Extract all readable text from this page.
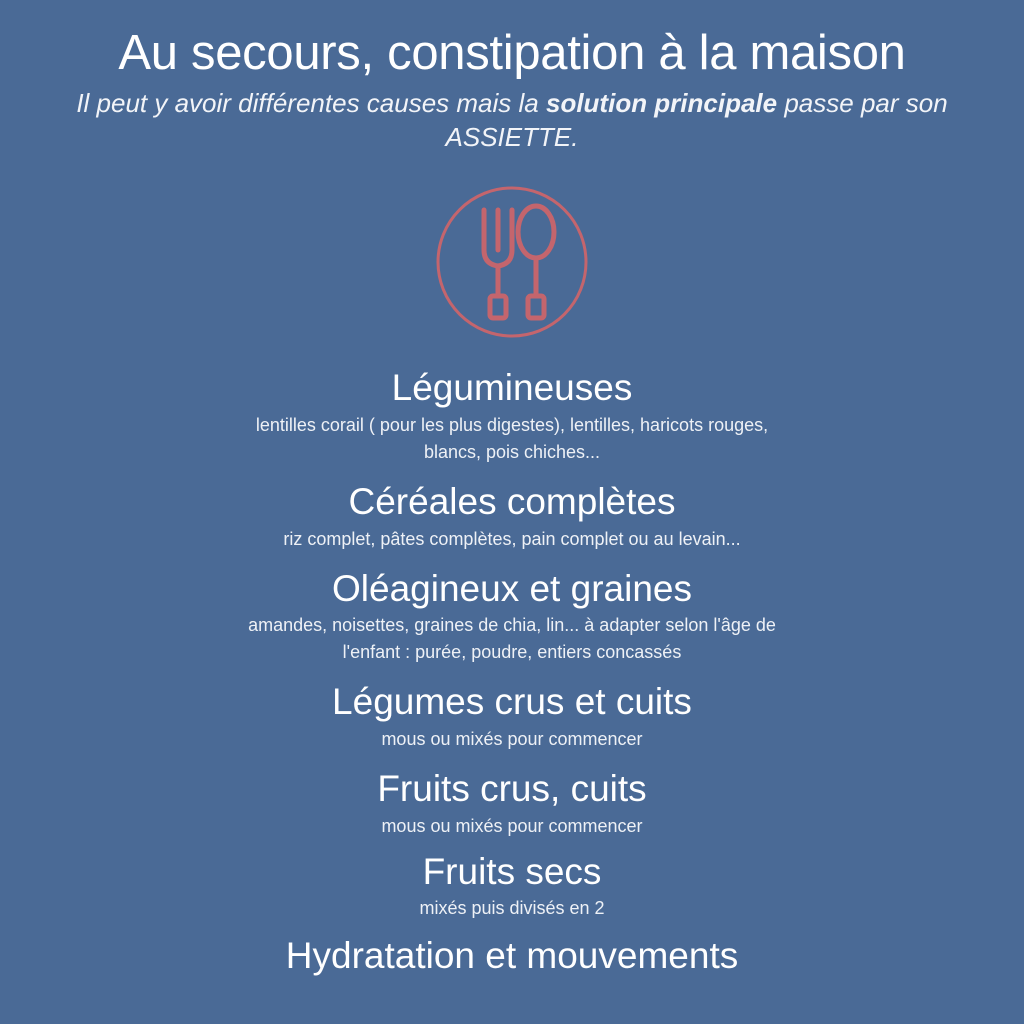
Au secours, constipation à la maison

Il peut y avoir différentes causes mais la solution principale passe par son ASSIETTE.

Légumineuses
lentilles corail ( pour les plus digestes), lentilles, haricots rouges, blancs, pois chiches...
Céréales complètes
riz complet, pâtes complètes, pain complet ou au levain...
Oléagineux et graines
amandes, noisettes, graines de chia, lin... à adapter selon l'âge de l'enfant : purée, poudre, entiers concassés
Légumes crus et cuits
mous ou mixés pour commencer
Fruits crus, cuits
mous ou mixés pour commencer
Fruits secs
mixés puis divisés en 2
Hydratation et mouvements
